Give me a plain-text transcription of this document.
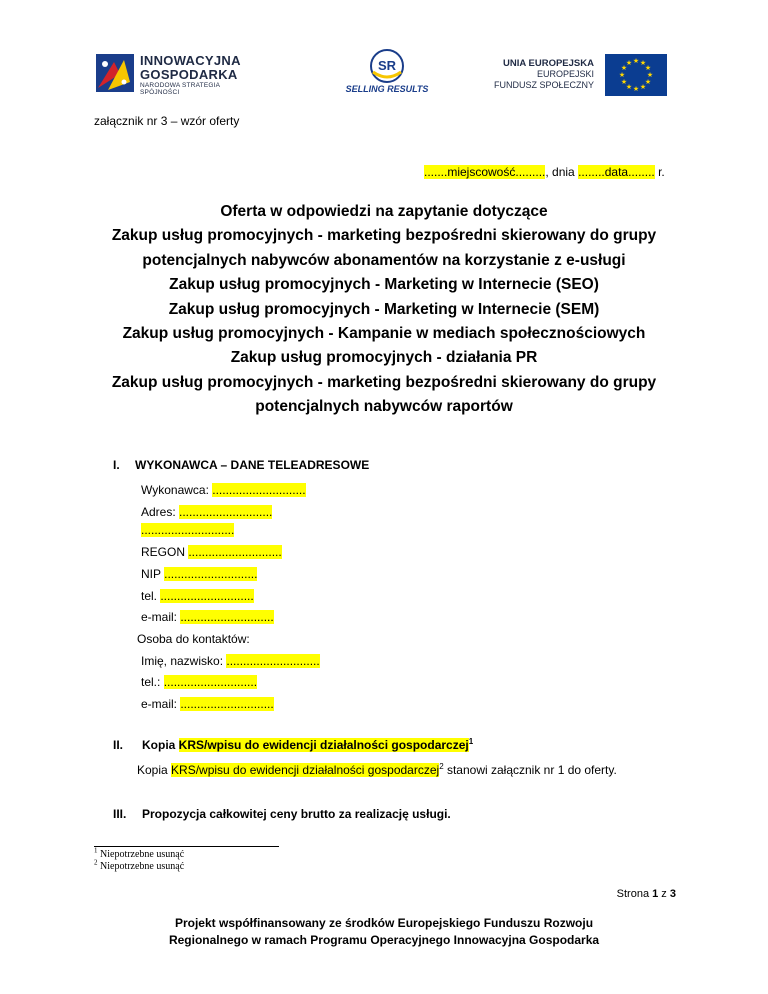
INNOWACYJNA
GOSPODARKA
NARODOWA STRATEGIA SPÓJNOŚCI
SR
SELLING RESULTS
UNIA EUROPEJSKA
EUROPEJSKI
FUNDUSZ SPOŁECZNY
★ ★
★
★
★
★
★
★
★
★
★
★
załącznik nr 3 – wzór oferty
.......miejscowość........., dnia ........data........ r.
Oferta w odpowiedzi na zapytanie dotyczące
Zakup usług promocyjnych - marketing bezpośredni skierowany do grupy
potencjalnych nabywców abonamentów na korzystanie z e-usługi
Zakup usług promocyjnych - Marketing w Internecie (SEO)
Zakup usług promocyjnych - Marketing w Internecie (SEM)
Zakup usług promocyjnych - Kampanie w mediach społecznościowych
Zakup usług promocyjnych - działania PR
Zakup usług promocyjnych - marketing bezpośredni skierowany do grupy
potencjalnych nabywców raportów
I. WYKONAWCA – DANE TELEADRESOWE
Wykonawca: ............................
Adres: ............................
............................
REGON ............................
NIP ............................
tel. ............................
e-mail: ............................
Osoba do kontaktów:
Imię, nazwisko: ............................
tel.: ............................
e-mail: ............................
II. Kopia KRS/wpisu do ewidencji działalności gospodarczej$^1$
Kopia KRS/wpisu do ewidencji działalności gospodarczej$^2$ stanowi załącznik nr 1 do oferty.
III. Propozycja całkowitej ceny brutto za realizację usługi.
$^1$ Niepotrzebne usunąć
$^2$ Niepotrzebne usunąć
Strona 1 z 3
Projekt współfinansowany ze środków Europejskiego Funduszu Rozwoju
Regionalnego w ramach Programu Operacyjnego Innowacyjna Gospodarka
